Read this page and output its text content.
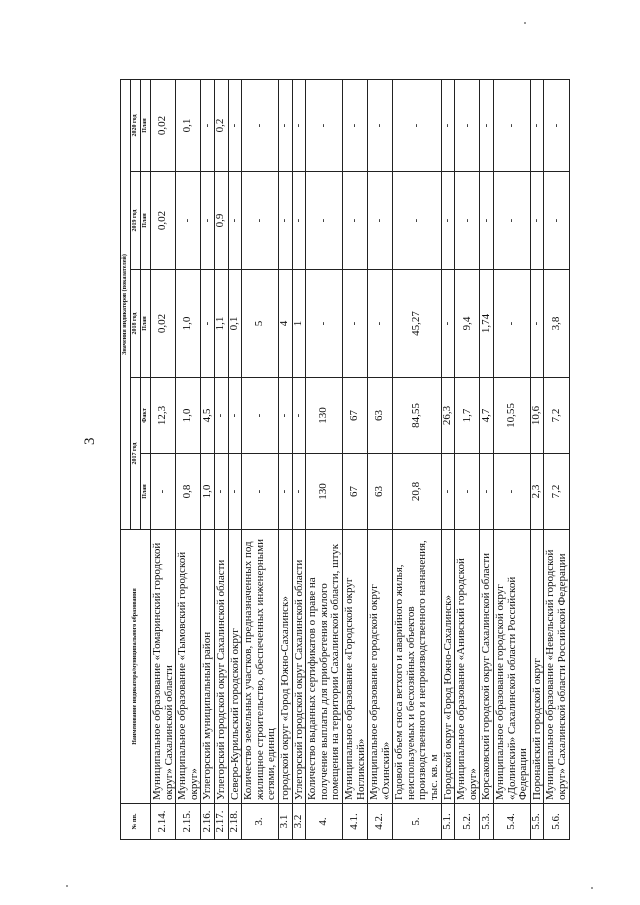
3
№ пп.	Наименование индикатора/муниципального образования	Значения индикаторов (показателей)				
		2017 год		2018 год	2019 год	2020 год
		План	Факт	План	План	План
2.14.	Муниципальное образование «Томаринский городской округ» Сахалинской области	-	12,3	0,02	0,02	0,02
2.15.	Муниципальное образование «Тымовский городской округ»	0,8	1,0	1,0	-	0,1
2.16.	Углегорский муниципальный район	1,0	4,5	-	-	-
2.17.	Углегорский городской округ Сахалинской области	-	-	1,1	0,9	0,2
2.18.	Северо-Курильский городской округ	-	-	0,1	-	-
3.	Количество земельных участков, предназначенных под жилищное строительство, обеспеченных инженерными сетями, единиц	-	-	5	-	-
3.1	городской округ «Город Южно-Сахалинск»	-	-	4	-	-
3.2	Углегорский городской округ Сахалинской области	-	-	1	-	-
4.	Количество выданных сертификатов о праве на получение выплаты для приобретения жилого помещения на территории Сахалинской области, штук	130	130	-	-	-
4.1.	Муниципальное образование «Городской округ Ногликский»	67	67	-	-	-
4.2.	Муниципальное образование городской округ «Охинский»	63	63	-	-	-
5.	Годовой объем сноса ветхого и аварийного жилья, неиспользуемых и бесхозяйных объектов производственного и непроизводственного назначения, тыс. кв. м	20,8	84,55	45,27	-	-
5.1.	Городской округ «Город Южно-Сахалинск»	-	26,3	-	-	-
5.2.	Муниципальное образование «Анивский городской округ»	-	1,7	9,4	-	-
5.3.	Корсаковский городской округ Сахалинской области	-	4,7	1,74	-	-
5.4.	Муниципальное образование городской округ «Долинский» Сахалинской области Российской Федерации	-	10,55	-	-	-
5.5.	Поронайский городской округ	2,3	10,6	-	-	-
5.6.	Муниципальное образование «Невельский городской округ» Сахалинской области Российской Федерации	7,2	7,2	3,8	-	-
